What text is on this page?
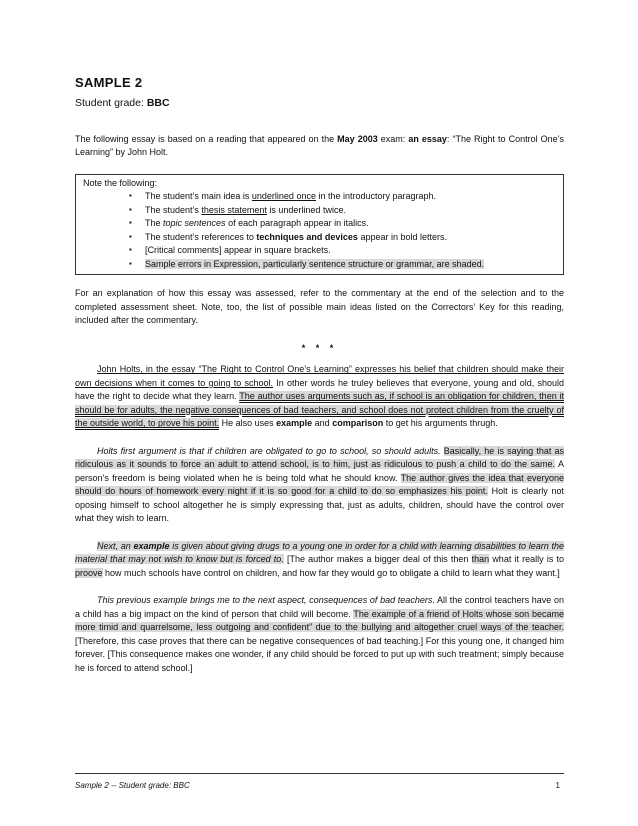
SAMPLE 2
Student grade: BBC

The following essay is based on a reading that appeared on the May 2003 exam: an essay: “The Right to Control One’s Learning” by John Holt.

Note the following:
▪ The student’s main idea is underlined once in the introductory paragraph.
▪ The student’s thesis statement is underlined twice.
▪ The topic sentences of each paragraph appear in italics.
▪ The student’s references to techniques and devices appear in bold letters.
▪ [Critical comments] appear in square brackets.
▪ Sample errors in Expression, particularly sentence structure or grammar, are shaded.

For an explanation of how this essay was assessed, refer to the commentary at the end of the selection and to the completed assessment sheet. Note, too, the list of possible main ideas listed on the Correctors’ Key for this reading, included after the commentary.

* * *

John Holts, in the essay “The Right to Control One’s Learning” expresses his belief that children should make their own decisions when it comes to going to school. In other words he truley believes that everyone, young and old, should have the right to decide what they learn. The author uses arguments such as, if school is an obligation for children, then it should be for adults, the negative consequences of bad teachers, and school does not protect children from the cruelty of the outside world, to prove his point. He also uses example and comparison to get his arguments thrugh.

Holts first argument is that if children are obligated to go to school, so should adults. Basically, he is saying that as ridiculous as it sounds to force an adult to attend school, is to him, just as ridiculous to push a child to do the same. A person’s freedom is being violated when he is being told what he should know. The author gives the idea that everyone should do hours of homework every night if it is so good for a child to do so emphasizes his point. Holt is clearly not oposing himself to school altogether he is simply expressing that, just as adults, children, should have the control over what they wish to learn.

Next, an example is given about giving drugs to a young one in order for a child with learning disabilities to learn the material that may not wish to know but is forced to. [The author makes a bigger deal of this then than what it really is to proove how much schools have control on children, and how far they would go to obligate a child to learn what they want.]

This previous example brings me to the next aspect, consequences of bad teachers. All the control teachers have on a child has a big impact on the kind of person that child will become. The example of a friend of Holts whose son became more timid and quarrelsome, less outgoing and confident” due to the bullying and altogether cruel ways of the teacher. [Therefore, this case proves that there can be negative consequences of bad teaching.] For this young one, it changed him forever. [This consequence makes one wonder, if any child should be forced to put up with such treatment; simply because he is forced to attend school.]

Sample 2 -- Student grade: BBC	1
